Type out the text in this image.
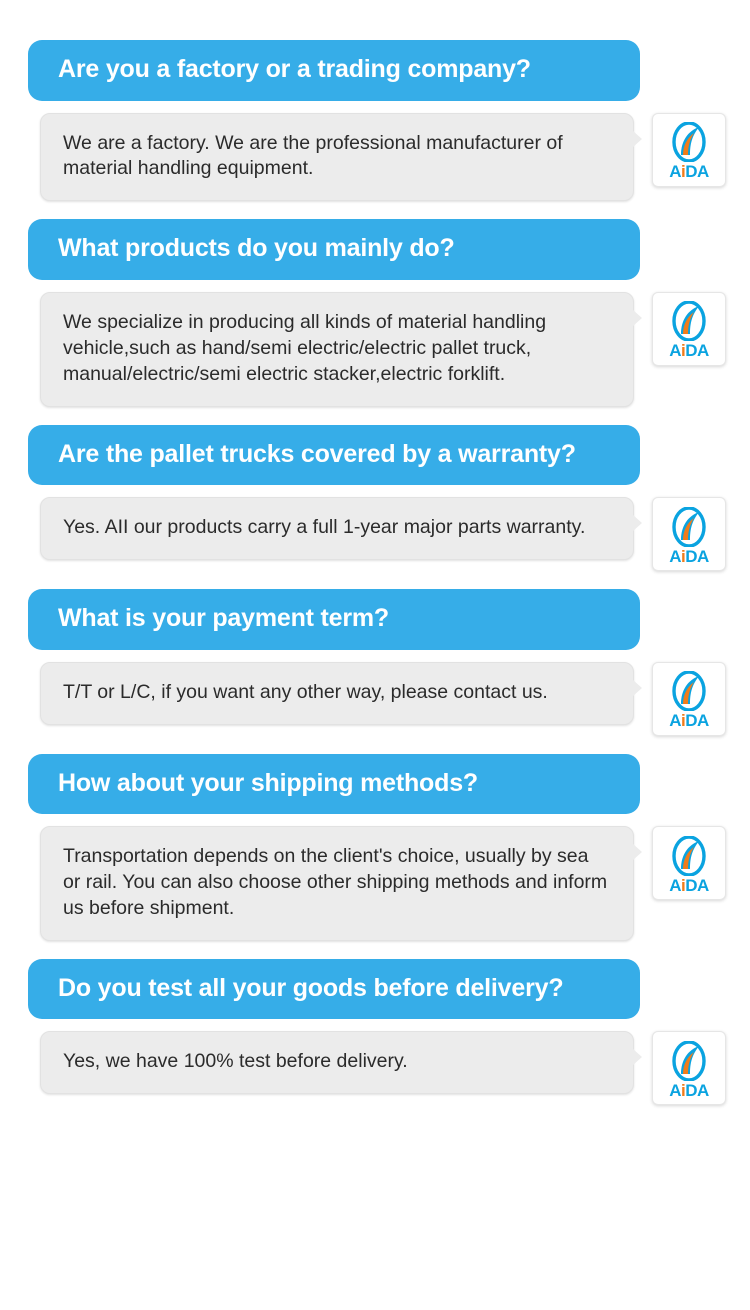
Are you a factory or a trading company?
We are a factory. We are the professional manufacturer of material handling equipment.	AiDA
What products do you mainly do?
We specialize in producing all kinds of material handling vehicle,such as hand/semi electric/electric pallet truck, manual/electric/semi electric stacker,electric forklift.
AiDA
Are the pallet trucks covered by a warranty?
Yes. AII our products carry a full 1-year major parts warranty.
AiDA
What is your payment term?
T/T or L/C, if you want any other way, please contact us.
AiDA
How about your shipping methods?
Transportation depends on the client's choice, usually by sea or rail. You can also choose other shipping methods and inform us before shipment.
AiDA
Do you test all your goods before delivery?
Yes, we have 100% test before delivery.
AiDA
